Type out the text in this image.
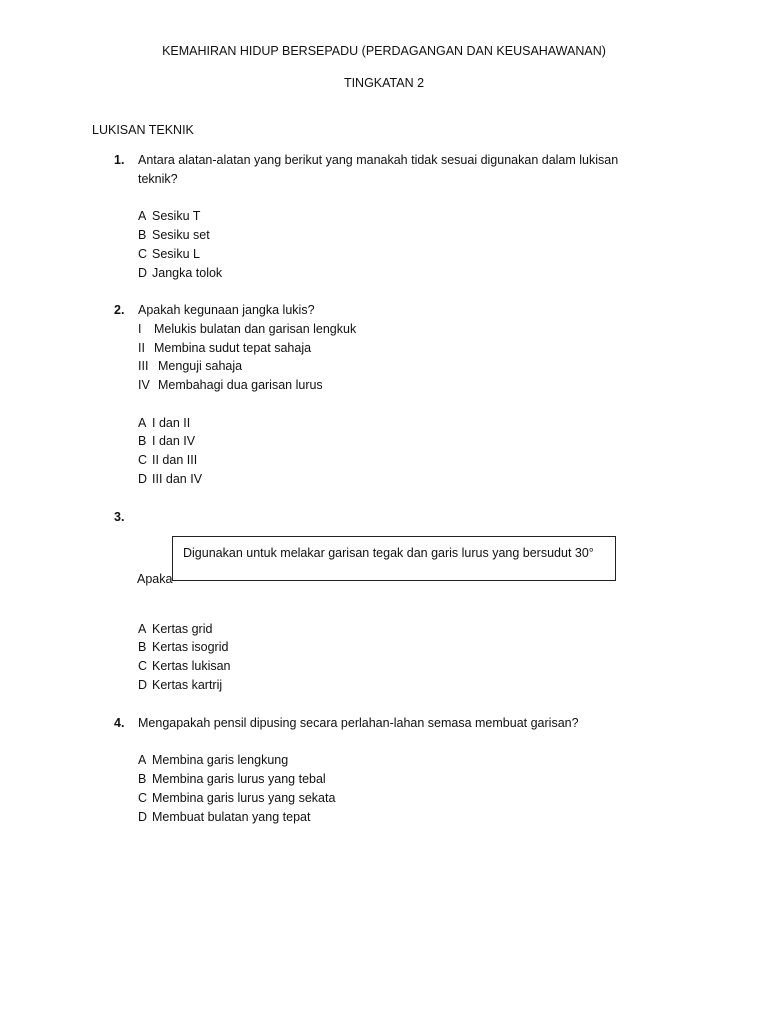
KEMAHIRAN HIDUP BERSEPADU (PERDAGANGAN DAN KEUSAHAWANAN)
TINGKATAN 2
LUKISAN TEKNIK
1. Antara alatan-alatan yang berikut yang manakah tidak sesuai digunakan dalam lukisan
teknik?
A Sesiku T
B Sesiku set
C Sesiku L
D Jangka tolok
2. Apakah kegunaan jangka lukis?
I Melukis bulatan dan garisan lengkuk
II Membina sudut tepat sahaja
III Menguji sahaja
IV Membahagi dua garisan lurus
A I dan II
B I dan IV
C II dan III
D III dan IV
3.
Apaka
Digunakan untuk melakar garisan tegak dan garis lurus yang bersudut 30°
A Kertas grid
B Kertas isogrid
C Kertas lukisan
D Kertas kartrij
4. Mengapakah pensil dipusing secara perlahan-lahan semasa membuat garisan?
A Membina garis lengkung
B Membina garis lurus yang tebal
C Membina garis lurus yang sekata
D Membuat bulatan yang tepat
